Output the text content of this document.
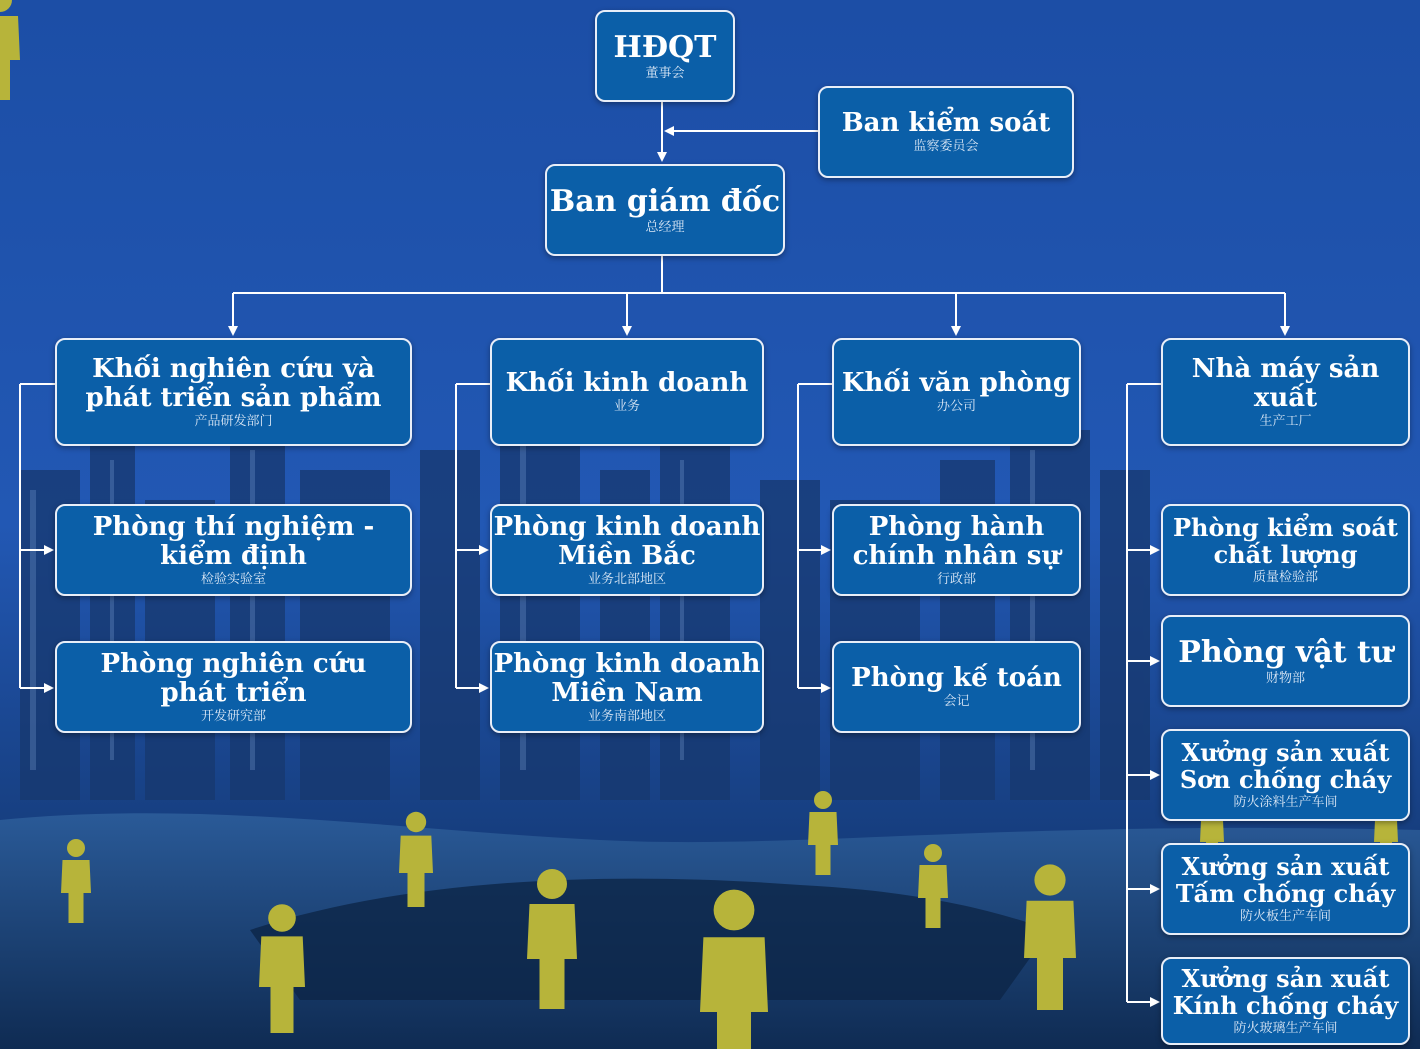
HĐQT
董事会
Ban kiểm soát
监察委员会
Ban giám đốc
总经理
Khối nghiên cứu và
phát triển sản phẩm
产品研发部门
Khối kinh doanh
业务
Khối văn phòng
办公司
Nhà máy sản xuất
生产工厂
Phòng thí nghiệm -
kiểm định
检验实验室
Phòng nghiên cứu
phát triển
开发研究部
Phòng kinh doanh
Miền Bắc
业务北部地区
Phòng kinh doanh
Miền Nam
业务南部地区
Phòng hành
chính nhân sự
行政部
Phòng kế toán
会记
Phòng kiểm soát
chất lượng
质量检验部
Phòng vật tư
财物部
Xưởng sản xuất
Sơn chống cháy
防火涂料生产车间
Xưởng sản xuất
Tấm chống cháy
防火板生产车间
Xưởng sản xuất
Kính chống cháy
防火玻璃生产车间
